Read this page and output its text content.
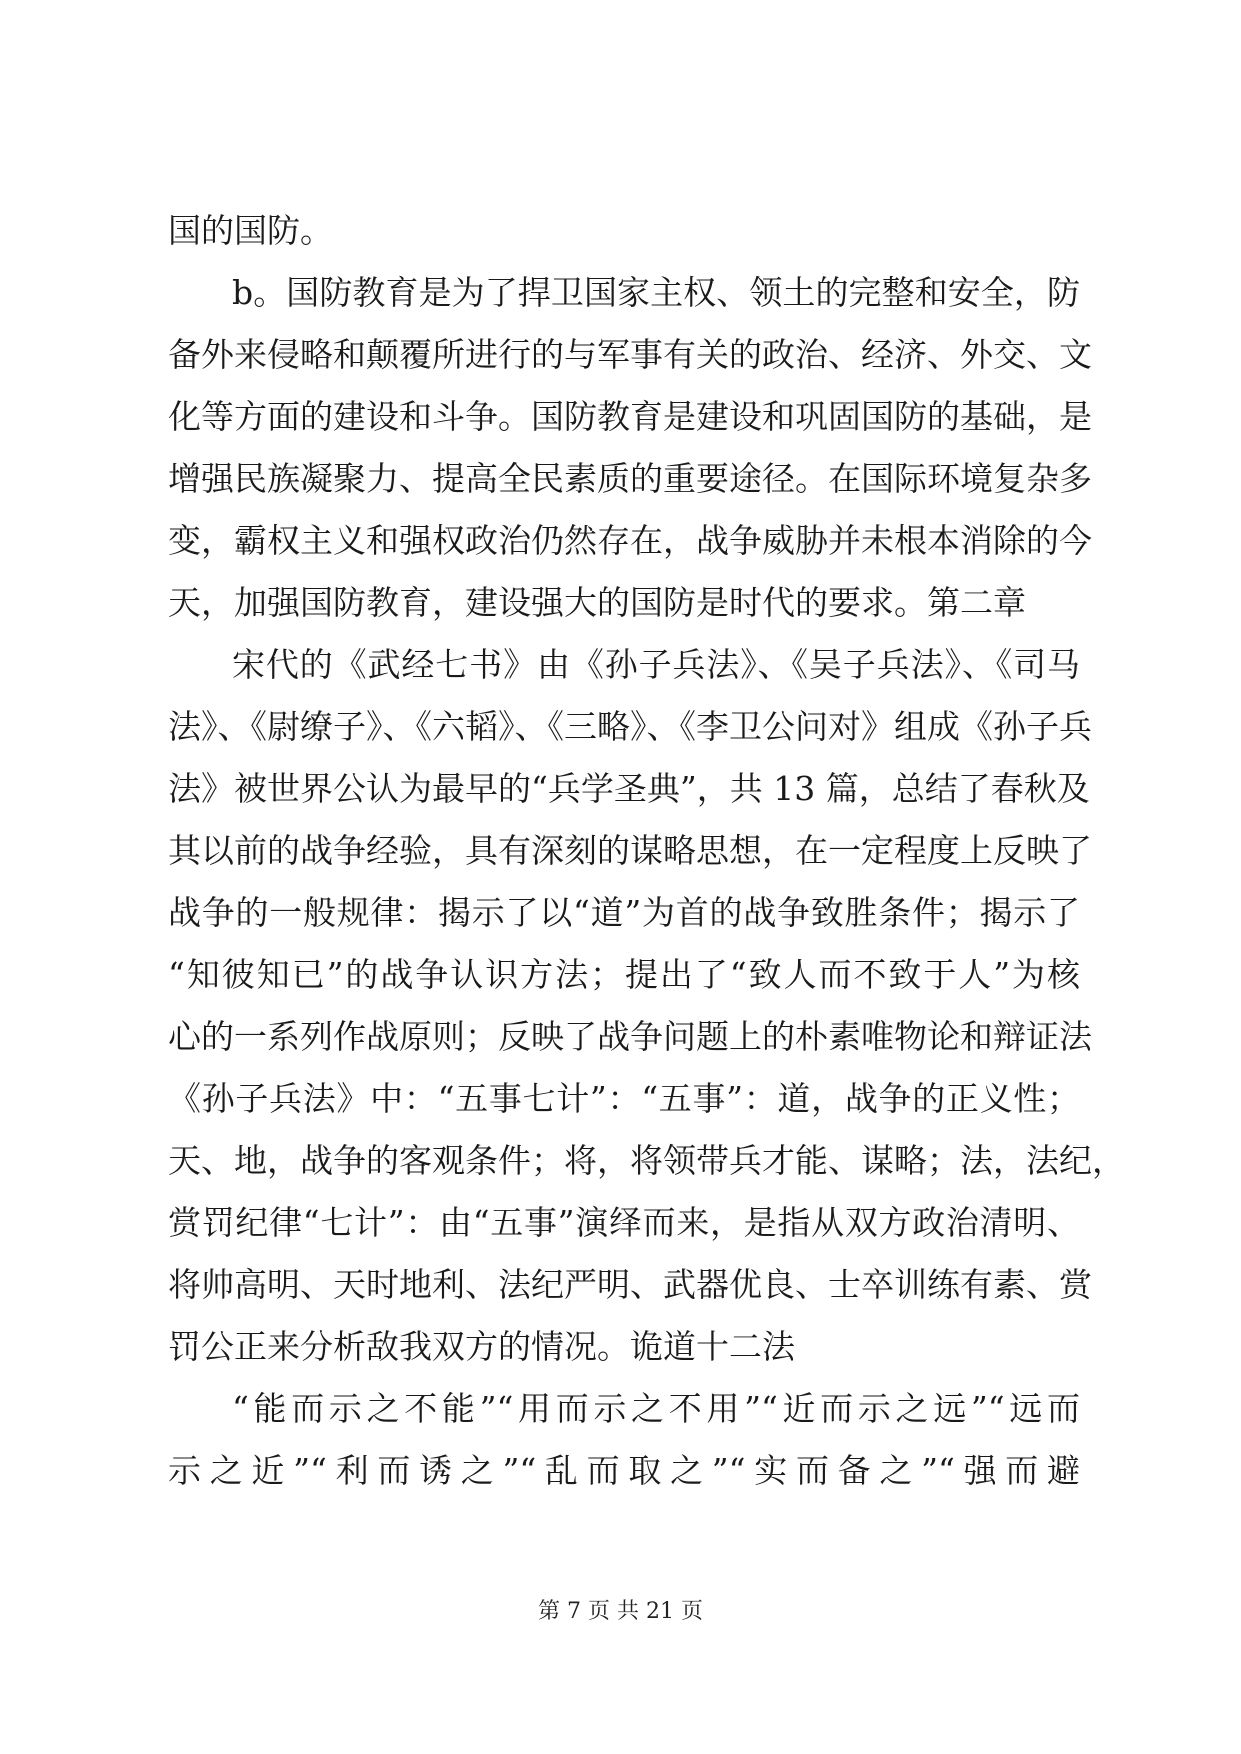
国的国防。
b。国防教育是为了捍卫国家主权、领土的完整和安全，防
备外来侵略和颠覆所进行的与军事有关的政治、经济、外交、文
化等方面的建设和斗争。国防教育是建设和巩固国防的基础，是
增强民族凝聚力、提高全民素质的重要途径。在国际环境复杂多
变，霸权主义和强权政治仍然存在，战争威胁并未根本消除的今
天，加强国防教育，建设强大的国防是时代的要求。第二章
宋代的《武经七书》由《孙子兵法》、《吴子兵法》、《司马
法》、《尉缭子》、《六韬》、《三略》、《李卫公问对》组成《孙子兵
法》被世界公认为最早的“兵学圣典”，共 13 篇，总结了春秋及
其以前的战争经验，具有深刻的谋略思想，在一定程度上反映了
战争的一般规律：揭示了以“道”为首的战争致胜条件；揭示了
“知彼知已”的战争认识方法；提出了“致人而不致于人”为核
心的一系列作战原则；反映了战争问题上的朴素唯物论和辩证法
《孙子兵法》中：“五事七计”：“五事”：道，战争的正义性；
天、地，战争的客观条件；将，将领带兵才能、谋略；法，法纪，
赏罚纪律“七计”：由“五事”演绎而来，是指从双方政治清明、
将帅高明、天时地利、法纪严明、武器优良、士卒训练有素、赏
罚公正来分析敌我双方的情况。诡道十二法
“能而示之不能”“用而示之不用”“近而示之远”“远而
示之近”“利而诱之”“乱而取之”“实而备之”“强而避
第 7 页 共 21 页
